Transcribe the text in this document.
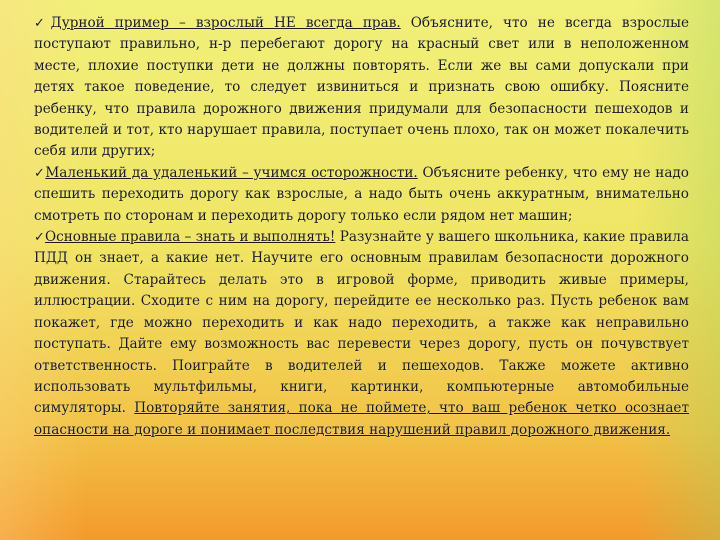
✓Дурной пример – взрослый НЕ всегда прав. Объясните, что не всегда взрослые поступают правильно, н-р перебегают дорогу на красный свет или в неположенном месте, плохие поступки дети не должны повторять. Если же вы сами допускали при детях такое поведение, то следует извиниться и признать свою ошибку. Поясните ребенку, что правила дорожного движения придумали для безопасности пешеходов и водителей и тот, кто нарушает правила, поступает очень плохо, так он может покалечить себя или других;

✓Маленький да удаленький – учимся осторожности. Объясните ребенку, что ему не надо спешить переходить дорогу как взрослые, а надо быть очень аккуратным, внимательно смотреть по сторонам и переходить дорогу только если рядом нет машин;

✓Основные правила – знать и выполнять! Разузнайте у вашего школьника, какие правила ПДД он знает, а какие нет. Научите его основным правилам безопасности дорожного движения. Старайтесь делать это в игровой форме, приводить живые примеры, иллюстрации. Сходите с ним на дорогу, перейдите ее несколько раз. Пусть ребенок вам покажет, где можно переходить и как надо переходить, а также как неправильно поступать. Дайте ему возможность вас перевести через дорогу, пусть он почувствует ответственность. Поиграйте в водителей и пешеходов. Также можете активно использовать мультфильмы, книги, картинки, компьютерные автомобильные симуляторы. Повторяйте занятия, пока не поймете, что ваш ребенок четко осознает опасности на дороге и понимает последствия нарушений правил дорожного движения.
